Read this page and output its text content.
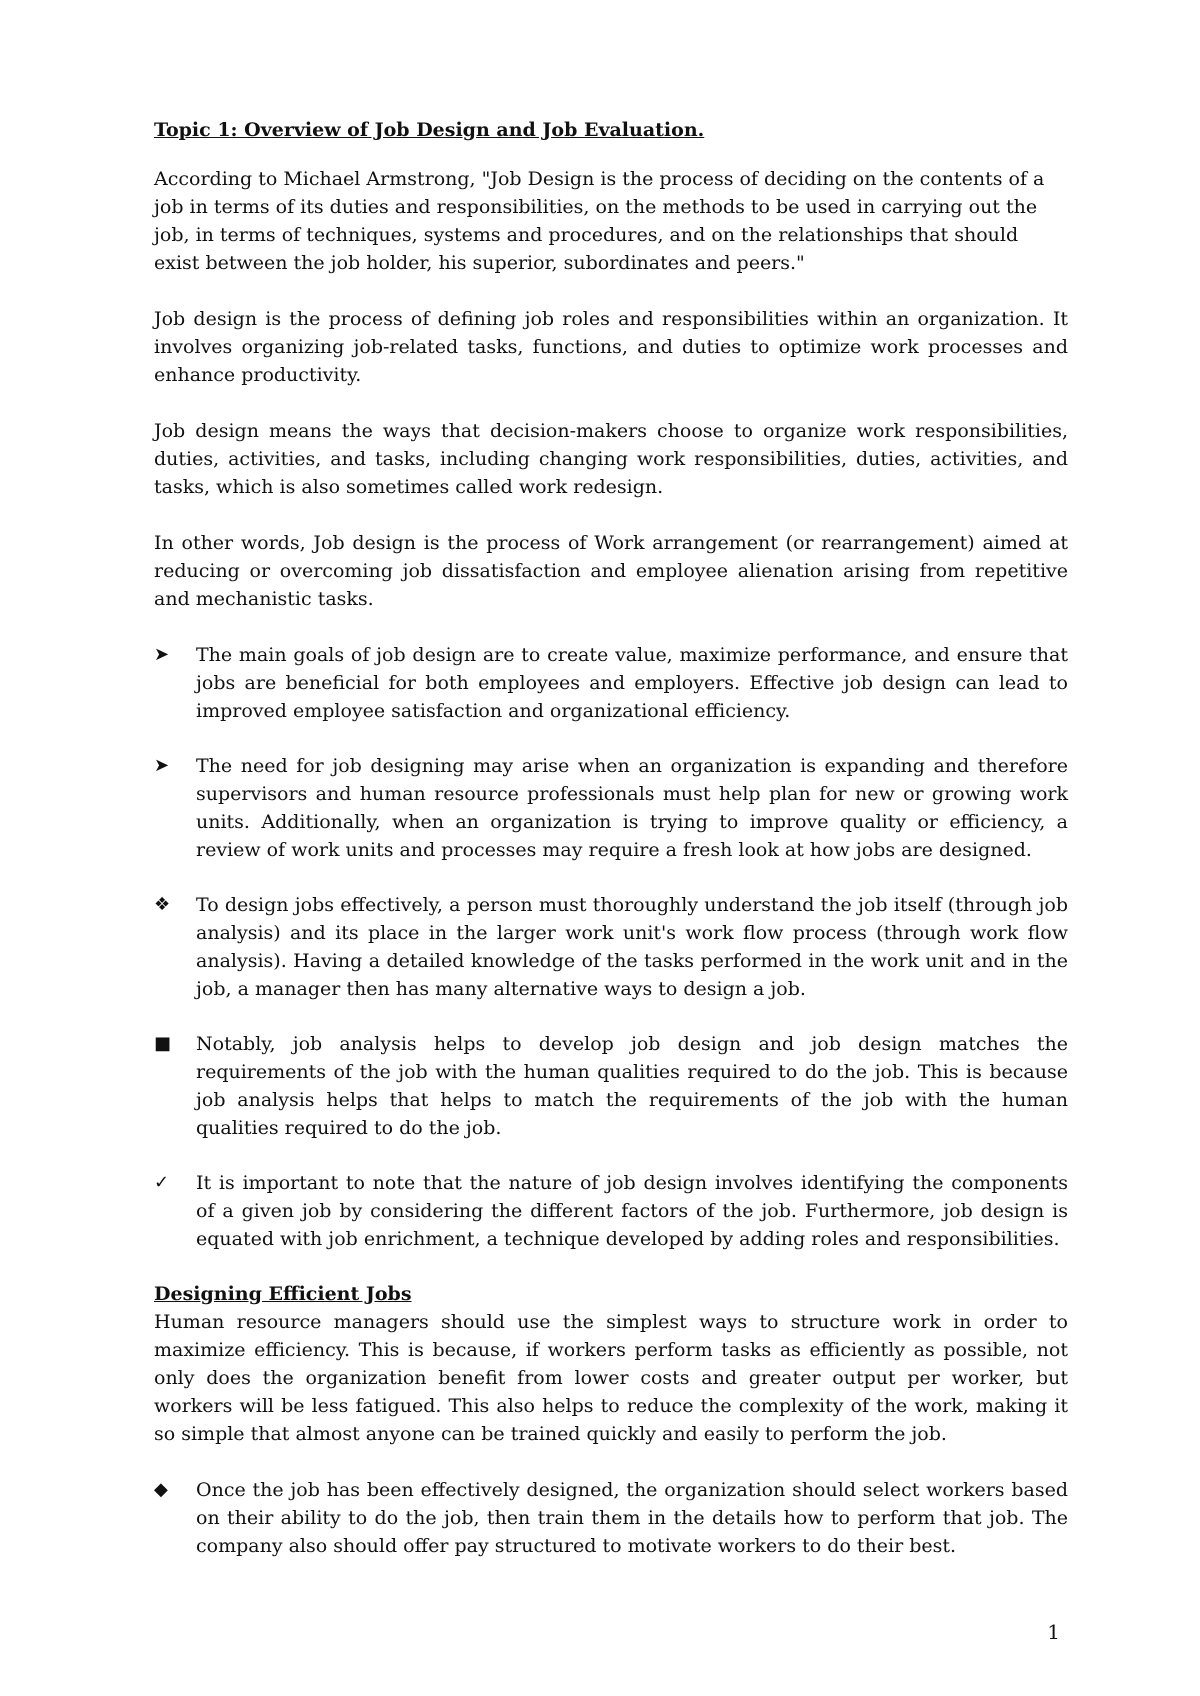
Topic 1: Overview of Job Design and Job Evaluation.

According to Michael Armstrong, "Job Design is the process of deciding on the contents of a job in terms of its duties and responsibilities, on the methods to be used in carrying out the job, in terms of techniques, systems and procedures, and on the relationships that should exist between the job holder, his superior, subordinates and peers."

Job design is the process of defining job roles and responsibilities within an organization. It involves organizing job-related tasks, functions, and duties to optimize work processes and enhance productivity.

Job design means the ways that decision-makers choose to organize work responsibilities, duties, activities, and tasks, including changing work responsibilities, duties, activities, and tasks, which is also sometimes called work redesign.

In other words, Job design is the process of Work arrangement (or rearrangement) aimed at reducing or overcoming job dissatisfaction and employee alienation arising from repetitive and mechanistic tasks.

➤	The main goals of job design are to create value, maximize performance, and ensure that jobs are beneficial for both employees and employers. Effective job design can lead to improved employee satisfaction and organizational efficiency.
➤	The need for job designing may arise when an organization is expanding and therefore supervisors and human resource professionals must help plan for new or growing work units. Additionally, when an organization is trying to improve quality or efficiency, a review of work units and processes may require a fresh look at how jobs are designed.
❖	To design jobs effectively, a person must thoroughly understand the job itself (through job analysis) and its place in the larger work unit's work flow process (through work flow analysis). Having a detailed knowledge of the tasks performed in the work unit and in the job, a manager then has many alternative ways to design a job.
■	Notably, job analysis helps to develop job design and job design matches the requirements of the job with the human qualities required to do the job. This is because job analysis helps that helps to match the requirements of the job with the human qualities required to do the job.
✓	It is important to note that the nature of job design involves identifying the components of a given job by considering the different factors of the job. Furthermore, job design is equated with job enrichment, a technique developed by adding roles and responsibilities.
Designing Efficient Jobs

Human resource managers should use the simplest ways to structure work in order to maximize efficiency. This is because, if workers perform tasks as efficiently as possible, not only does the organization benefit from lower costs and greater output per worker, but workers will be less fatigued. This also helps to reduce the complexity of the work, making it so simple that almost anyone can be trained quickly and easily to perform the job.

◆	Once the job has been effectively designed, the organization should select workers based on their ability to do the job, then train them in the details how to perform that job. The company also should offer pay structured to motivate workers to do their best.
1
